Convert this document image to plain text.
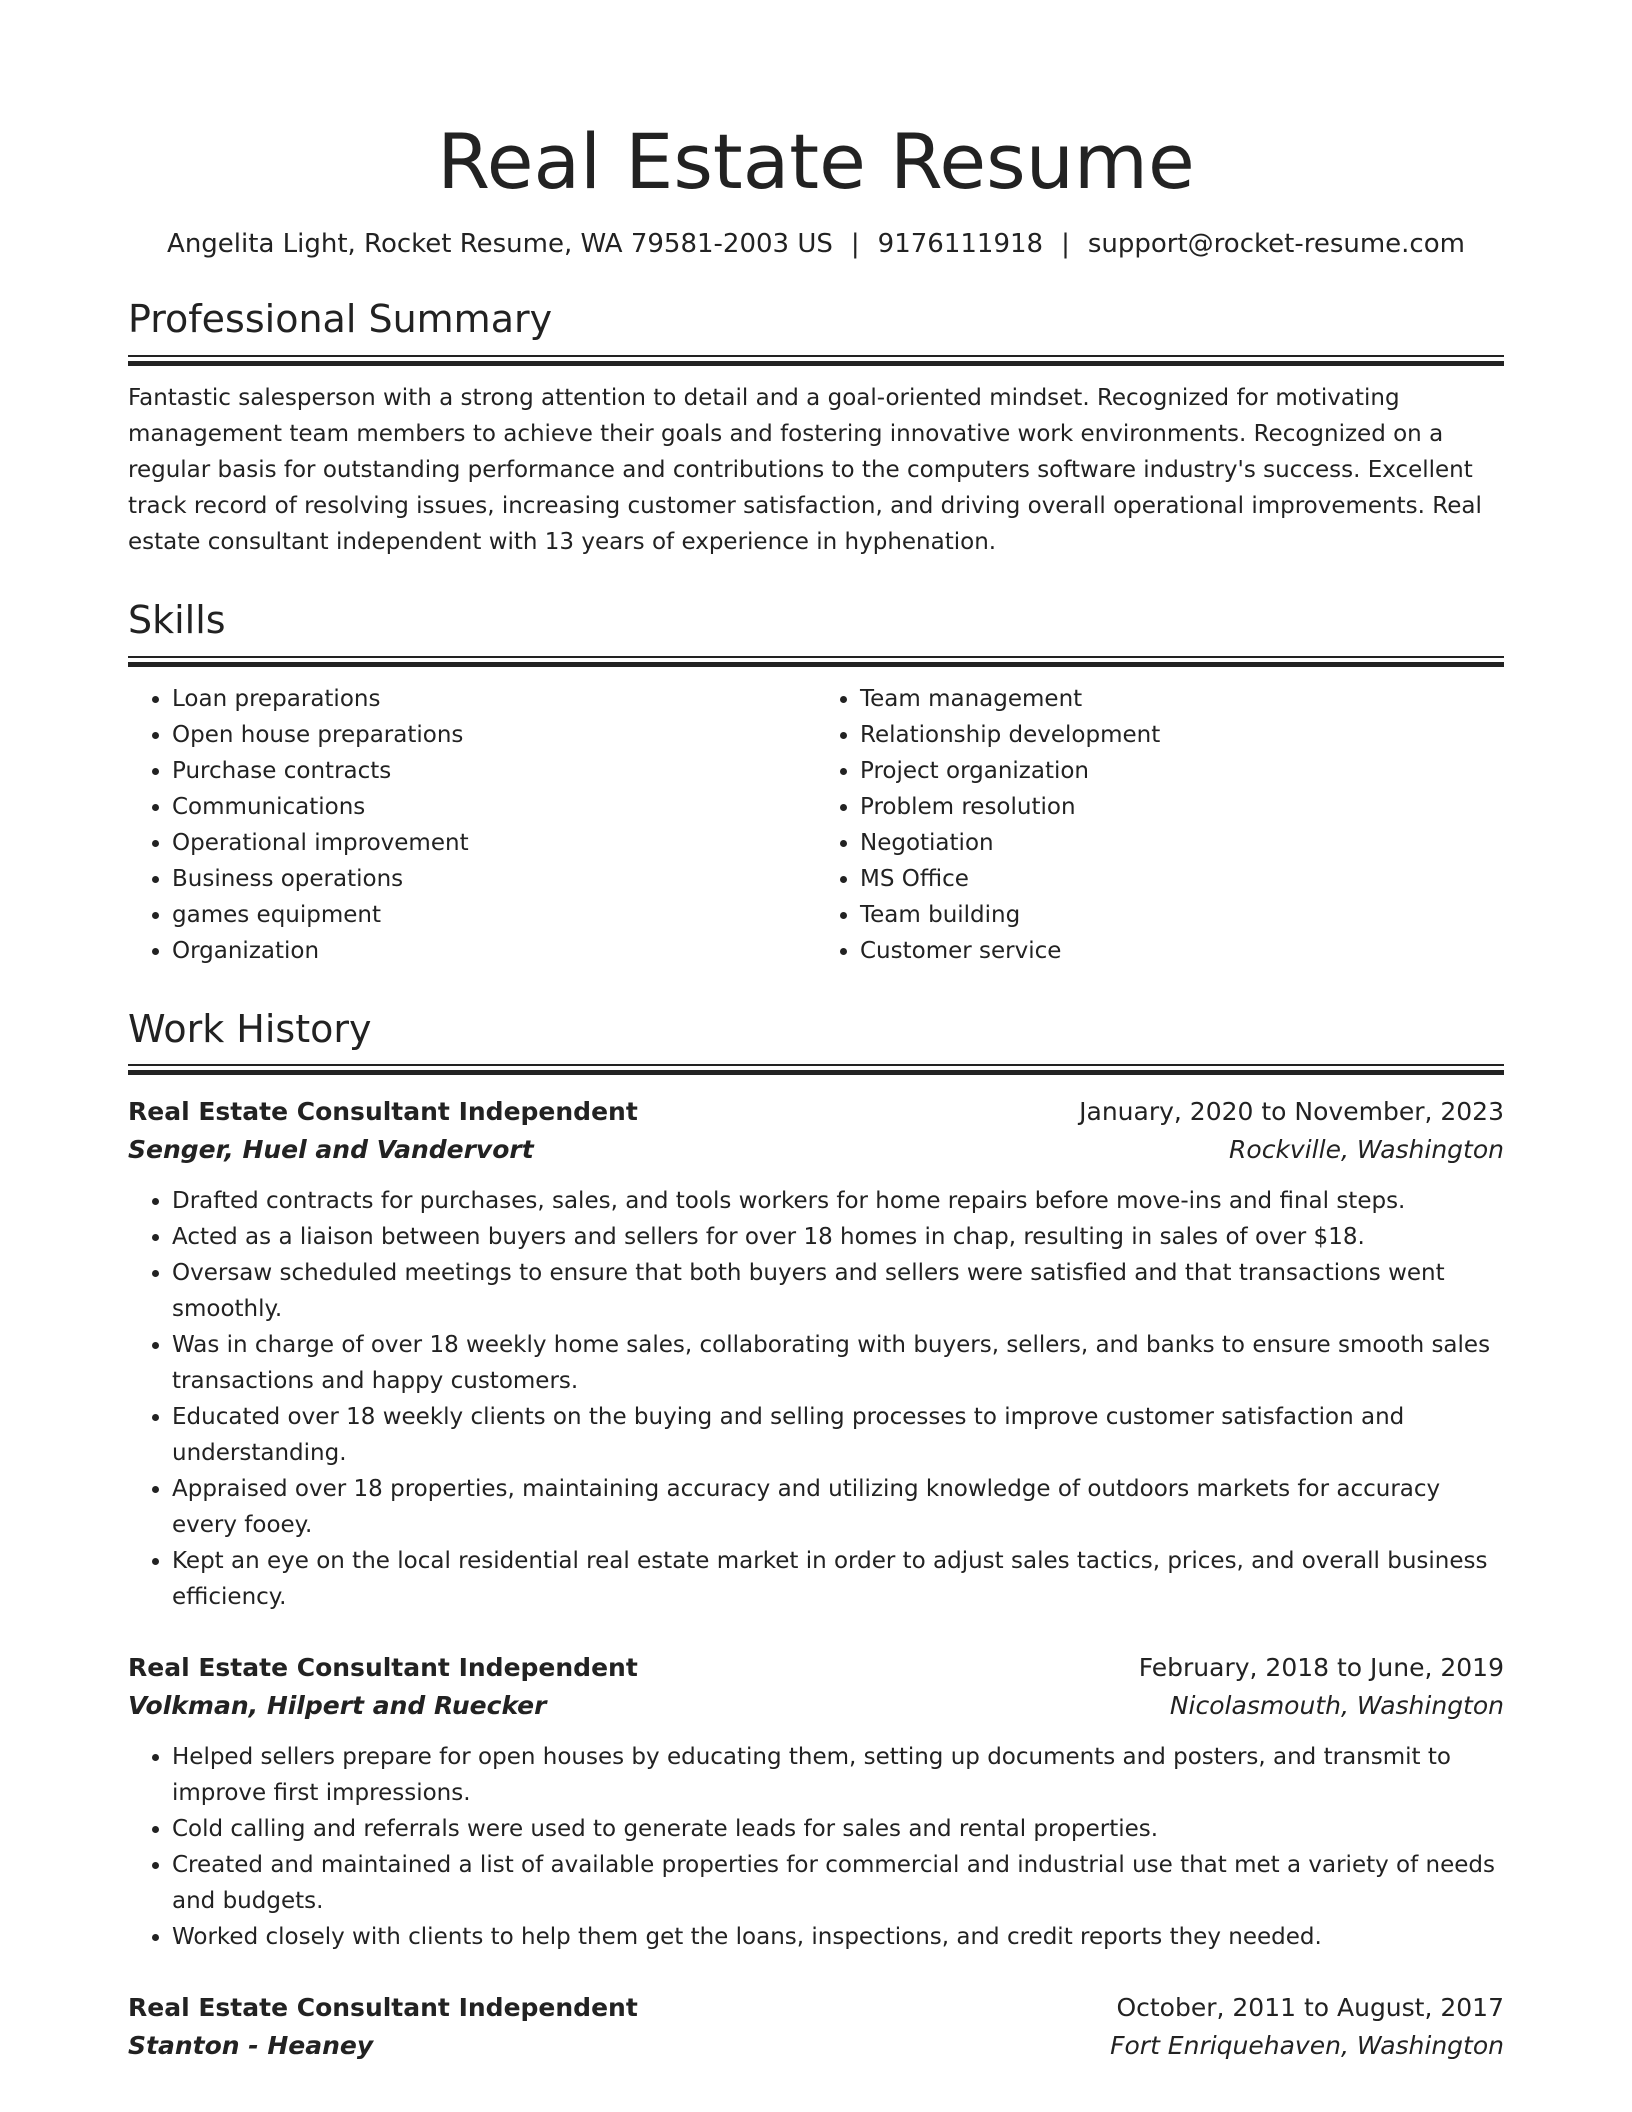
Real Estate Resume
Angelita Light, Rocket Resume, WA 79581-2003 US | 9176111918 | support@rocket-resume.com
Professional Summary

Fantastic salesperson with a strong attention to detail and a goal-oriented mindset. Recognized for motivating management team members to achieve their goals and fostering innovative work environments. Recognized on a regular basis for outstanding performance and contributions to the computers software industry's success. Excellent track record of resolving issues, increasing customer satisfaction, and driving overall operational improvements. Real estate consultant independent with 13 years of experience in hyphenation.

Skills
• Loan preparations
• Open house preparations
• Purchase contracts
• Communications
• Operational improvement
• Business operations
• games equipment
• Organization
• Team management
• Relationship development
• Project organization
• Problem resolution
• Negotiation
• MS Office
• Team building
• Customer service
Work History
Real Estate Consultant Independent	January, 2020 to November, 2023
Senger, Huel and Vandervort	Rockville, Washington
• Drafted contracts for purchases, sales, and tools workers for home repairs before move-ins and final steps.
• Acted as a liaison between buyers and sellers for over 18 homes in chap, resulting in sales of over $18.
• Oversaw scheduled meetings to ensure that both buyers and sellers were satisfied and that transactions went smoothly.
• Was in charge of over 18 weekly home sales, collaborating with buyers, sellers, and banks to ensure smooth sales transactions and happy customers.
• Educated over 18 weekly clients on the buying and selling processes to improve customer satisfaction and understanding.
• Appraised over 18 properties, maintaining accuracy and utilizing knowledge of outdoors markets for accuracy every fooey.
• Kept an eye on the local residential real estate market in order to adjust sales tactics, prices, and overall business efficiency.
Real Estate Consultant Independent	February, 2018 to June, 2019
Volkman, Hilpert and Ruecker	Nicolasmouth, Washington
• Helped sellers prepare for open houses by educating them, setting up documents and posters, and transmit to improve first impressions.
• Cold calling and referrals were used to generate leads for sales and rental properties.
• Created and maintained a list of available properties for commercial and industrial use that met a variety of needs and budgets.
• Worked closely with clients to help them get the loans, inspections, and credit reports they needed.
Real Estate Consultant Independent	October, 2011 to August, 2017
Stanton - Heaney	Fort Enriquehaven, Washington
